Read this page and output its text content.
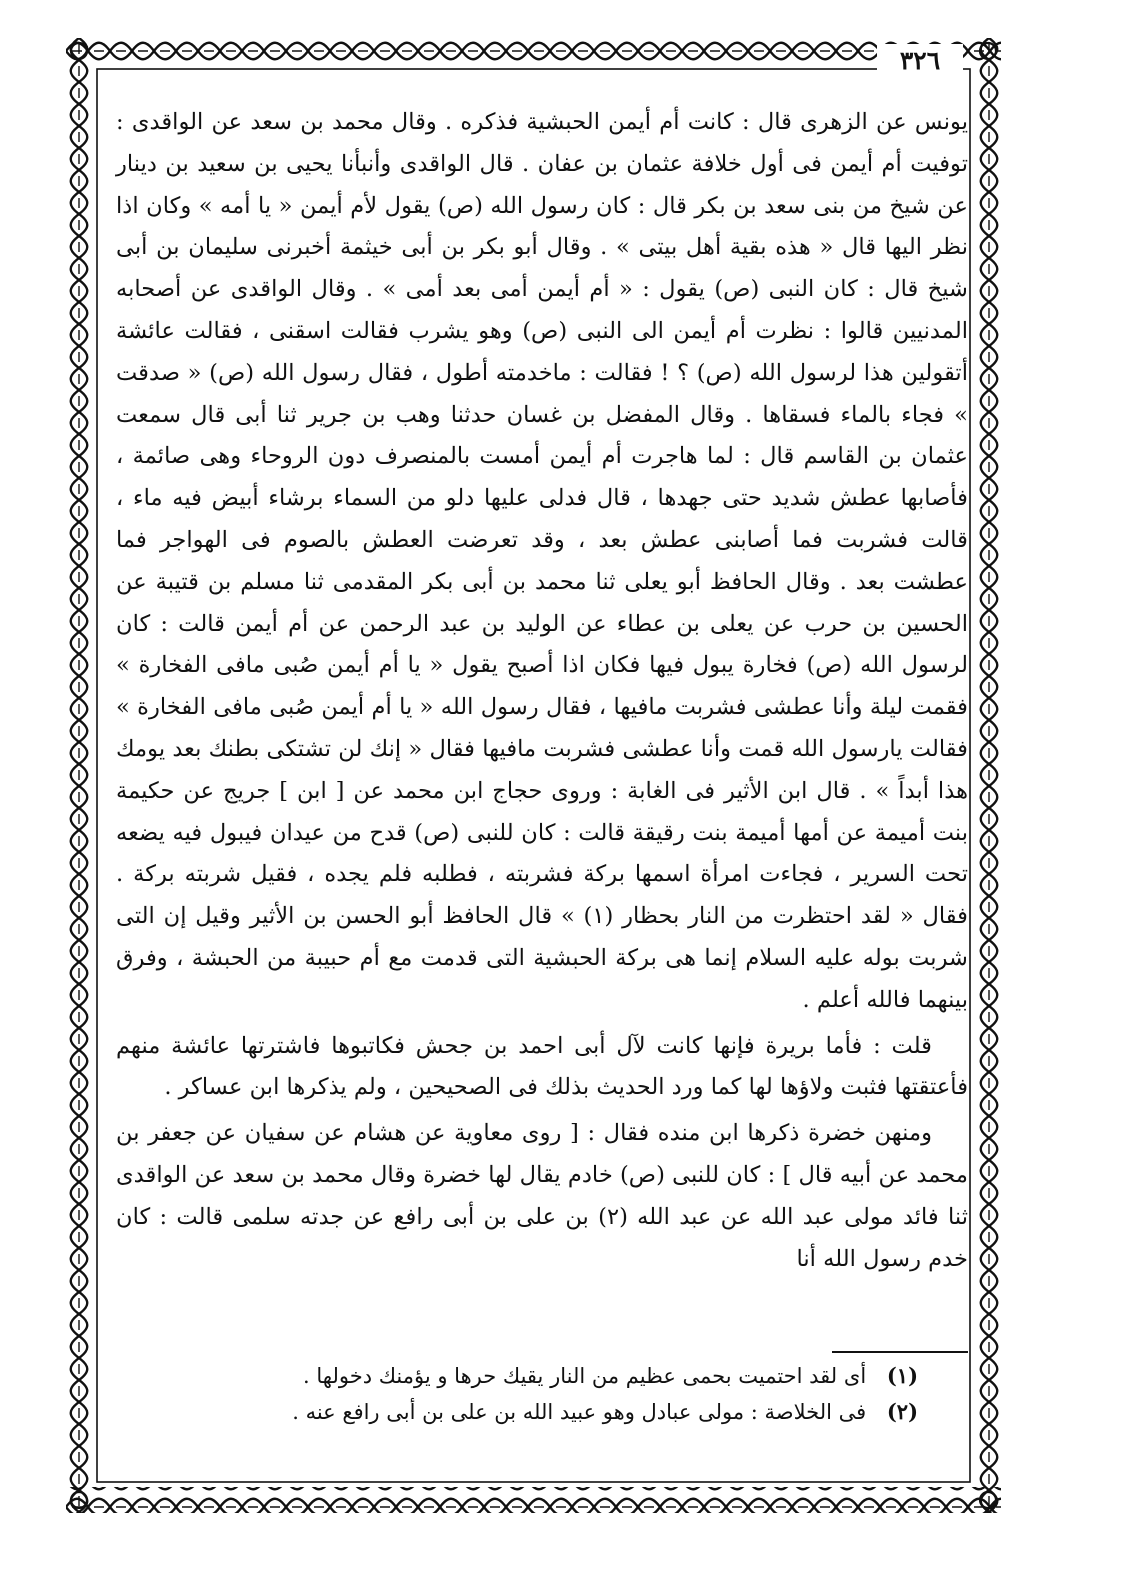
٣٢٦

يونس عن الزهرى قال : كانت أم أيمن الحبشية فذكره . وقال محمد بن سعد عن الواقدى : توفيت أم أيمن فى أول خلافة عثمان بن عفان . قال الواقدى وأنبأنا يحيى بن سعيد بن دينار عن شيخ من بنى سعد بن بكر قال : كان رسول الله (ص) يقول لأم أيمن « يا أمه » وكان اذا نظر اليها قال « هذه بقية أهل بيتى » . وقال أبو بكر بن أبى خيثمة أخبرنى سليمان بن أبى شيخ قال : كان النبى (ص) يقول : « أم أيمن أمى بعد أمى » . وقال الواقدى عن أصحابه المدنيين قالوا : نظرت أم أيمن الى النبى (ص) وهو يشرب فقالت اسقنى ، فقالت عائشة أتقولين هذا لرسول الله (ص) ؟ ! فقالت : ماخدمته أطول ، فقال رسول الله (ص) « صدقت » فجاء بالماء فسقاها . وقال المفضل بن غسان حدثنا وهب بن جرير ثنا أبى قال سمعت عثمان بن القاسم قال : لما هاجرت أم أيمن أمست بالمنصرف دون الروحاء وهى صائمة ، فأصابها عطش شديد حتى جهدها ، قال فدلى عليها دلو من السماء برشاء أبيض فيه ماء ، قالت فشربت فما أصابنى عطش بعد ، وقد تعرضت العطش بالصوم فى الهواجر فما عطشت بعد . وقال الحافظ أبو يعلى ثنا محمد بن أبى بكر المقدمى ثنا مسلم بن قتيبة عن الحسين بن حرب عن يعلى بن عطاء عن الوليد بن عبد الرحمن عن أم أيمن قالت : كان لرسول الله (ص) فخارة يبول فيها فكان اذا أصبح يقول « يا أم أيمن صُبى مافى الفخارة » فقمت ليلة وأنا عطشى فشربت مافيها ، فقال رسول الله « يا أم أيمن صُبى مافى الفخارة » فقالت يارسول الله قمت وأنا عطشى فشربت مافيها فقال « إنك لن تشتكى بطنك بعد يومك هذا أبداً » . قال ابن الأثير فى الغابة : وروى حجاج ابن محمد عن [ ابن ] جريج عن حكيمة بنت أميمة عن أمها أميمة بنت رقيقة قالت : كان للنبى (ص) قدح من عيدان فيبول فيه يضعه تحت السرير ، فجاءت امرأة اسمها بركة فشربته ، فطلبه فلم يجده ، فقيل شربته بركة . فقال « لقد احتظرت من النار بحظار (١) » قال الحافظ أبو الحسن بن الأثير وقيل إن التى شربت بوله عليه السلام إنما هى بركة الحبشية التى قدمت مع أم حبيبة من الحبشة ، وفرق بينهما فالله أعلم .

قلت : فأما بريرة فإنها كانت لآل أبى احمد بن جحش فكاتبوها فاشترتها عائشة منهم فأعتقتها فثبت ولاؤها لها كما ورد الحديث بذلك فى الصحيحين ، ولم يذكرها ابن عساكر .

ومنهن خضرة ذكرها ابن منده فقال : [ روى معاوية عن هشام عن سفيان عن جعفر بن محمد عن أبيه قال ] : كان للنبى (ص) خادم يقال لها خضرة وقال محمد بن سعد عن الواقدى ثنا فائد مولى عبد الله عن عبد الله (٢) بن على بن أبى رافع عن جدته سلمى قالت : كان خدم رسول الله أنا

(١) أى لقد احتميت بحمى عظيم من النار يقيك حرها و يؤمنك دخولها .

(٢) فى الخلاصة : مولى عبادل وهو عبيد الله بن على بن أبى رافع عنه .
